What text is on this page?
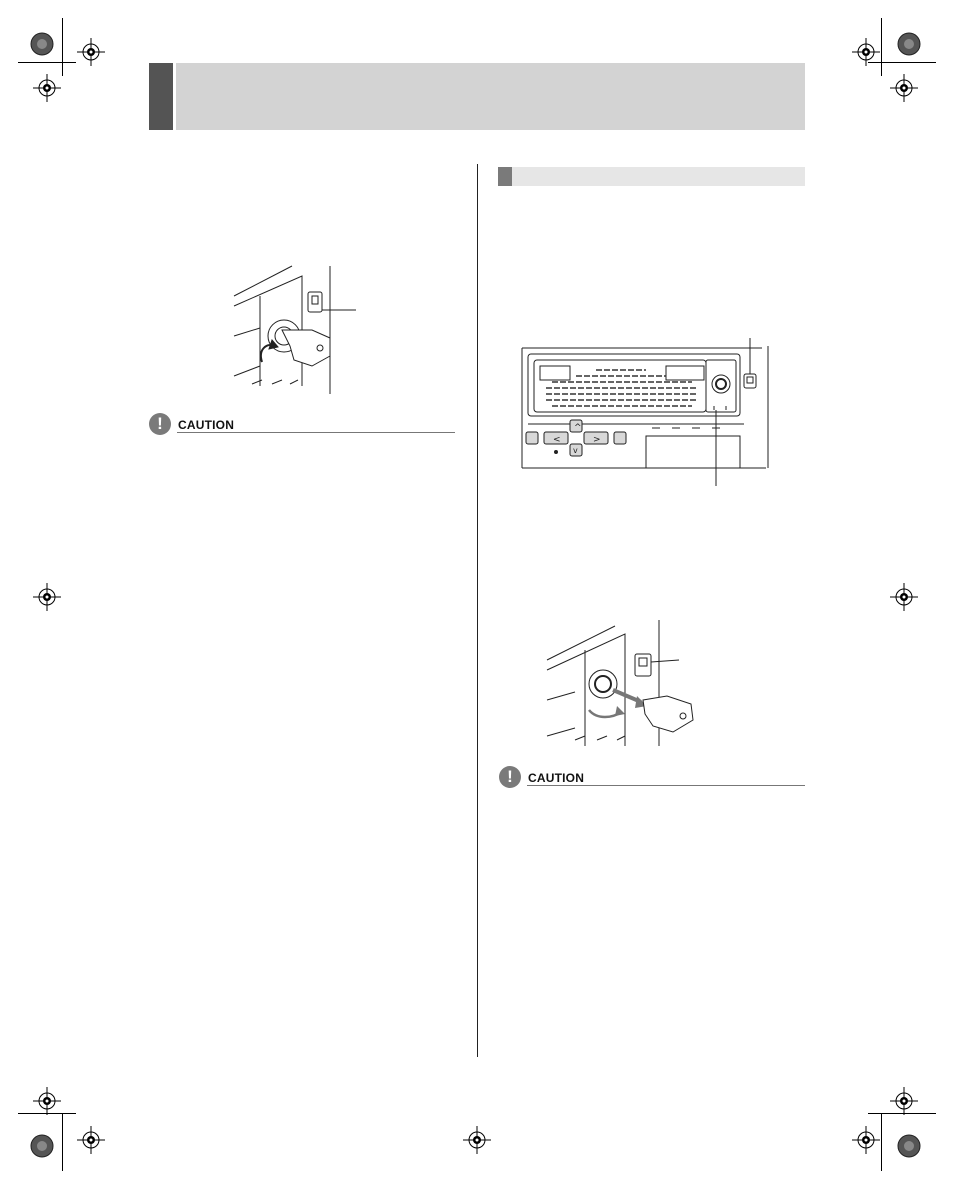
!	CAUTION	^
v
<	>
!	CAUTION
